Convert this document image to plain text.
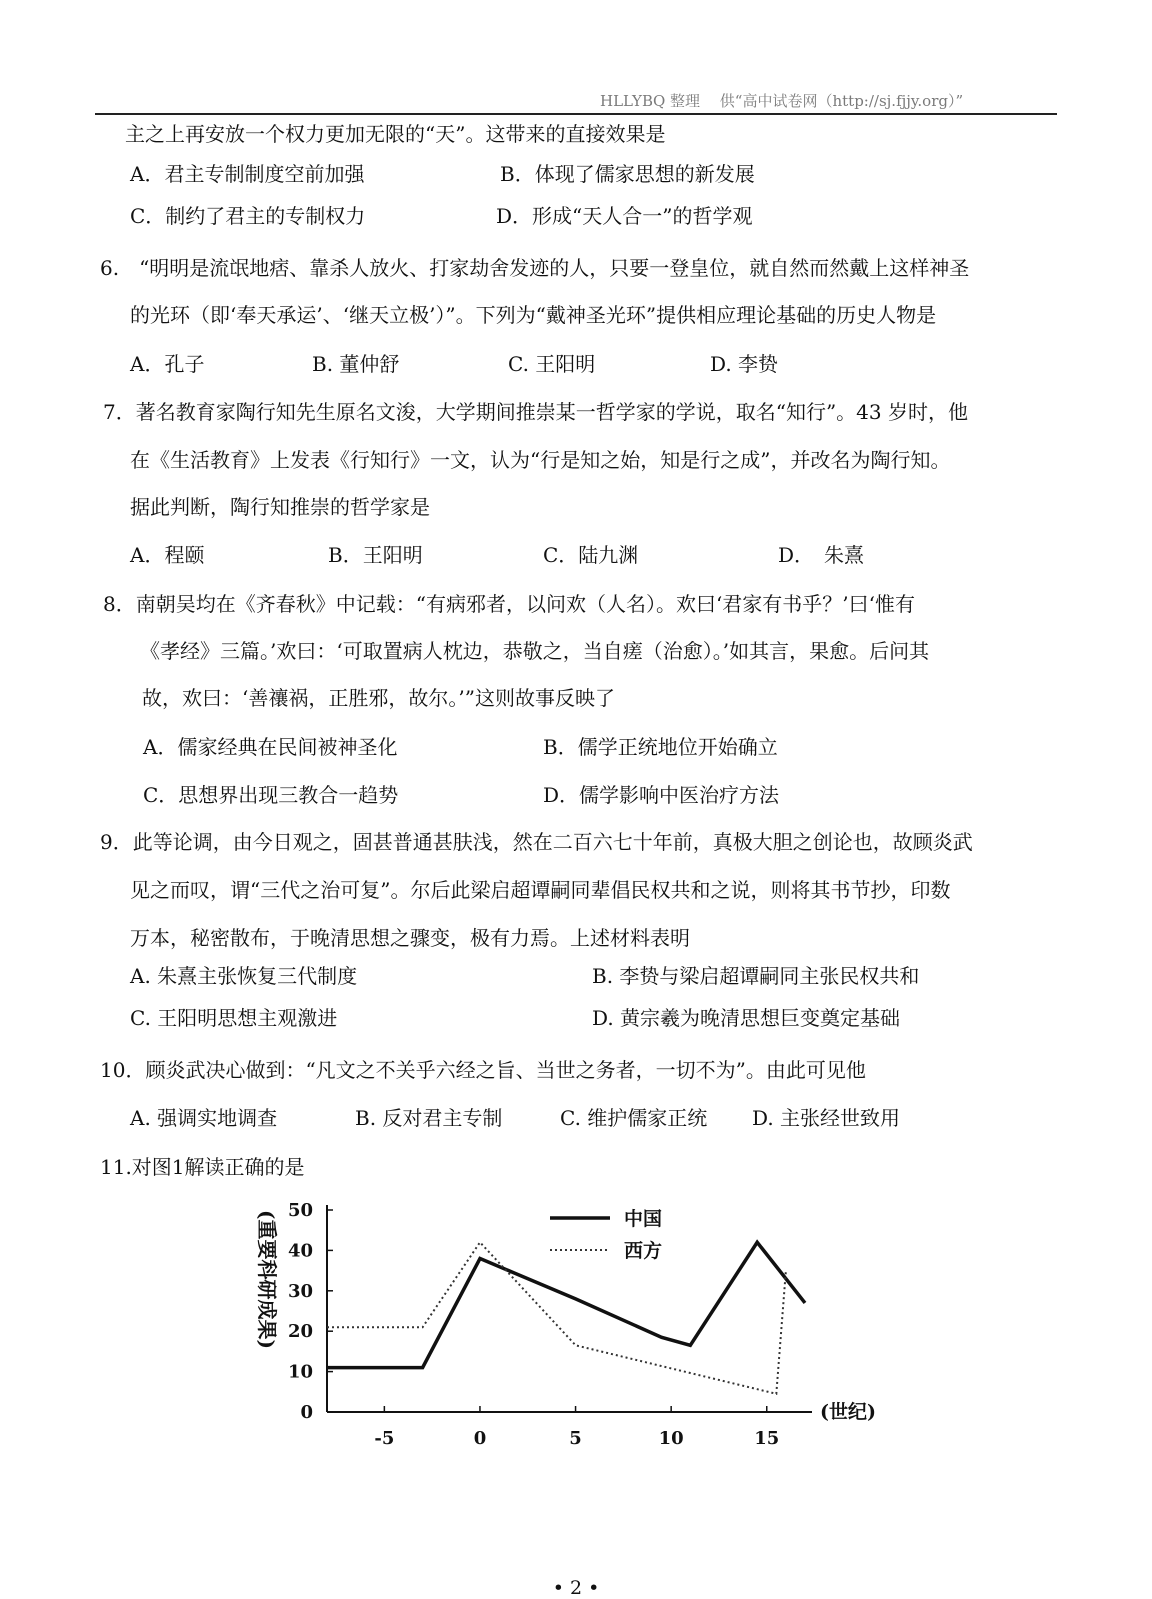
HLLYBQ 整理　 供“高中试卷网（http://sj.fjjy.org）”
主之上再安放一个权力更加无限的“天”。这带来的直接效果是
A．君主专制制度空前加强	B．体现了儒家思想的新发展
C．制约了君主的专制权力	D．形成“天人合一”的哲学观
6.　“明明是流氓地痞、靠杀人放火、打家劫舍发迹的人，只要一登皇位，就自然而然戴上这样神圣
的光环（即‘奉天承运’、‘继天立极’）”。下列为“戴神圣光环”提供相应理论基础的历史人物是
A．孔子	B. 董仲舒	C. 王阳明	D. 李贽
7．著名教育家陶行知先生原名文浚，大学期间推崇某一哲学家的学说，取名“知行”。43 岁时，他
在《生活教育》上发表《行知行》一文，认为“行是知之始，知是行之成”，并改名为陶行知。
据此判断，陶行知推崇的哲学家是
A．程颐	B．王阳明	C．陆九渊	D．　朱熹
8．南朝吴均在《齐春秋》中记载：“有病邪者，以问欢（人名）。欢曰‘君家有书乎？’曰‘惟有
《孝经》三篇。’欢曰：‘可取置病人枕边，恭敬之，当自瘥（治愈）。’如其言，果愈。后问其
故，欢曰：‘善禳祸，正胜邪，故尔。’”这则故事反映了
A．儒家经典在民间被神圣化	B．儒学正统地位开始确立
C．思想界出现三教合一趋势	D．儒学影响中医治疗方法
9．此等论调，由今日观之，固甚普通甚肤浅，然在二百六七十年前，真极大胆之创论也，故顾炎武
见之而叹，谓“三代之治可复”。尔后此梁启超谭嗣同辈倡民权共和之说，则将其书节抄，印数
万本，秘密散布，于晚清思想之骤变，极有力焉。上述材料表明
A. 朱熹主张恢复三代制度	B. 李贽与梁启超谭嗣同主张民权共和
C. 王阳明思想主观激进	D. 黄宗羲为晚清思想巨变奠定基础
10．顾炎武决心做到：“凡文之不关乎六经之旨、当世之务者，一切不为”。由此可见他
A. 强调实地调查	B. 反对君主专制	C. 维护儒家正统 D. 主张经世致用
11.对图1解读正确的是
0
10
20
30
40
50
-5	0	5	10	15
中国
西方
(世纪)
(重要科研成果)
• 2 •
